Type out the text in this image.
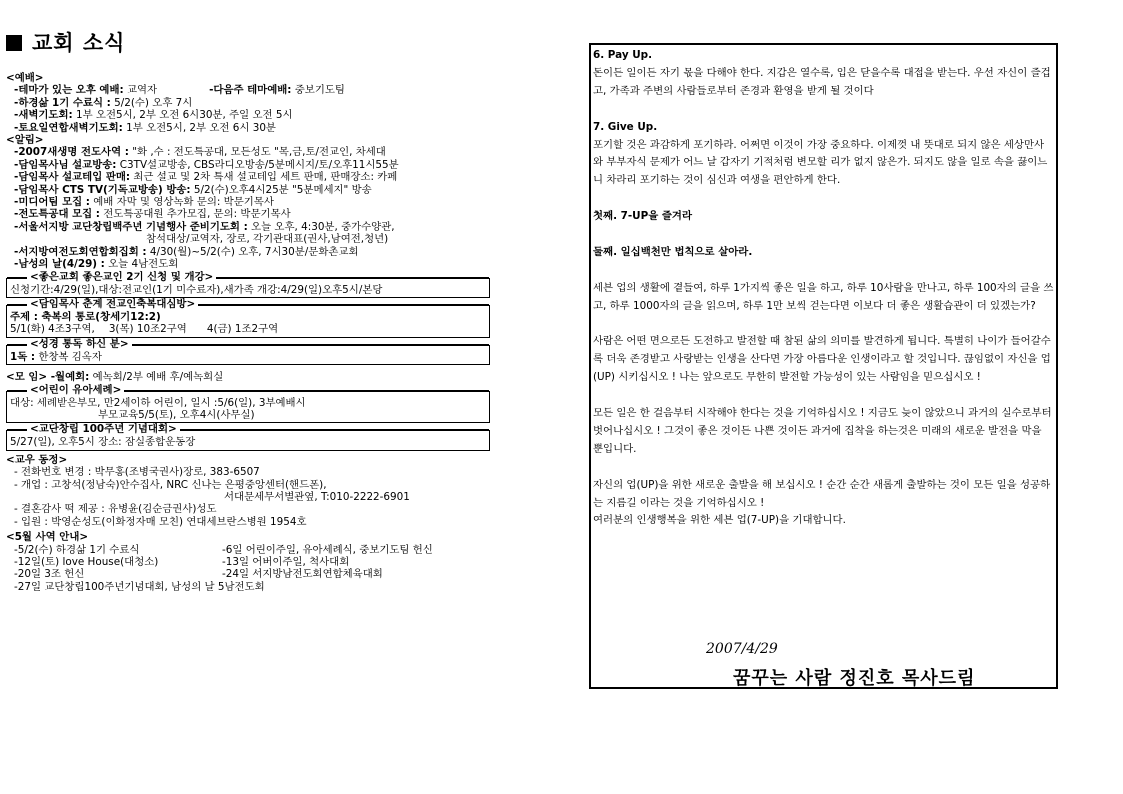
교회 소식
<예배>
-테마가 있는 오후 예배: 교역자	-다음주 테마예배: 중보기도팀
-하경삶 1기 수료식 : 5/2(수) 오후 7시
-새벽기도회: 1부 오전5시, 2부 오전 6시30분, 주일 오전 5시
-토요일연합새벽기도회: 1부 오전5시, 2부 오전 6시 30분
<알림>
-2007새생명 전도사역 : "화 ,수 : 전도특공대, 모든성도 "목,금,토/전교인, 차세대
-담임목사님 설교방송: C3TV설교방송, CBS라디오방송/5분메시지/토/오후11시55분
-담임목사 설교테입 판매: 최근 설교 및 2차 특새 설교테입 세트 판매, 판매장소: 카페
-담임목사 CTS TV(기독교방송) 방송: 5/2(수)오후4시25분 "5분메세지" 방송
-미디어팀 모집 : 예배 자막 및 영상녹화 문의: 박문기목사
-전도특공대 모집 : 전도특공대원 추가모집, 문의: 박문기목사
-서울서지방 교단창립백주년 기념행사 준비기도회 : 오늘 오후, 4:30분, 중가수양관,
참석대상/교역자, 장로, 각기관대표(권사,남여전,청년)
-서지방여전도회연합회집회 : 4/30(월)~5/2(수) 오후, 7시30분/문화촌교회
-남성의 날(4/29) : 오늘 4남전도회
<좋은교회 좋은교인 2기 신청 및 개강>
신청기간:4/29(일),대상:전교인(1기 미수료자),새가족 개강:4/29(일)오후5시/본당
<담임목사 춘계 전교인축복대심방>
주제 : 축복의 통로(창세기12:2)
5/1(화) 4조3구역, 3(목) 10조2구역 4(금) 1조2구역
<성경 통독 하신 분>
1독 : 한창복 김옥자
<모 임> -월예회: 예녹회/2부 예배 후/예녹회실
<어린이 유아세례>
대상: 세례받은부모, 만2세이하 어린이, 일시 :5/6(일), 3부예배시
부모교육5/5(토), 오후4시(사무실)
<교단창립 100주년 기념대회>
5/27(일), 오후5시 장소: 잠실종합운동장
<교우 동정>
- 전화번호 변경 : 박무홍(조병국권사)장로, 383-6507
- 개업 : 고창석(정남숙)안수집사, NRC 신나는 은평중앙센터(핸드폰),
서대문세무서별관옆, T:010-2222-6901
- 결혼감사 떡 제공 : 유병윤(김순금권사)성도
- 입원 : 박영순성도(이화정자매 모친) 연대세브란스병원 1954호
<5월 사역 안내>
-5/2(수) 하경삶 1기 수료식	-6일 어린이주일, 유아세례식, 중보기도팀 헌신
-12일(토) love House(대청소)	-13일 어버이주일, 척사대회
-20일 3조 헌신	-24일 서지방남전도회연합체육대회
-27일 교단창립100주년기념대회, 남성의 날 5남전도회

6. Pay Up.

돈이든 일이든 자기 몫을 다해야 한다. 지갑은 열수록, 입은 닫을수록 대접을 받는다. 우선 자신이 즐겁고, 가족과 주변의 사람들로부터 존경과 환영을 받게 될 것이다

7. Give Up.

포기할 것은 과감하게 포기하라. 어쩌면 이것이 가장 중요하다. 이제껏 내 뜻대로 되지 않은 세상만사와 부부자식 문제가 어느 날 갑자기 기적처럼 변모할 리가 없지 않은가. 되지도 않을 일로 속을 끓이느니 차라리 포기하는 것이 심신과 여생을 편안하게 한다.

첫째. 7-UP을 즐겨라

둘째. 일십백천만 법칙으로 살아라.

세븐 업의 생활에 곁들여, 하루 1가지씩 좋은 일을 하고, 하루 10사람을 만나고, 하루 100자의 글을 쓰고, 하루 1000자의 글을 읽으며, 하루 1만 보씩 걷는다면 이보다 더 좋은 생활습관이 더 있겠는가?

사람은 어떤 면으로든 도전하고 발전할 때 참된 삶의 의미를 발견하게 됩니다. 특별히 나이가 들어갈수록 더욱 존경받고 사랑받는 인생을 산다면 가장 아름다운 인생이라고 할 것입니다. 끊임없이 자신을 업(UP) 시키십시오 ! 나는 앞으로도 무한히 발전할 가능성이 있는 사람임을 믿으십시오 !

모든 일은 한 걸음부터 시작해야 한다는 것을 기억하십시오 ! 지금도 늦이 않았으니 과거의 실수로부터 벗어나십시오 ! 그것이 좋은 것이든 나쁜 것이든 과거에 집착을 하는것은 미래의 새로운 발전을 막을 뿐입니다.

자신의 업(UP)을 위한 새로운 출발을 해 보십시오 ! 순간 순간 새롭게 출발하는 것이 모든 일을 성공하는 지름길 이라는 것을 기억하십시오 !

여러분의 인생행복을 위한 세븐 업(7-UP)을 기대합니다.

2007/4/29
꿈꾸는 사람 정진호 목사드림
